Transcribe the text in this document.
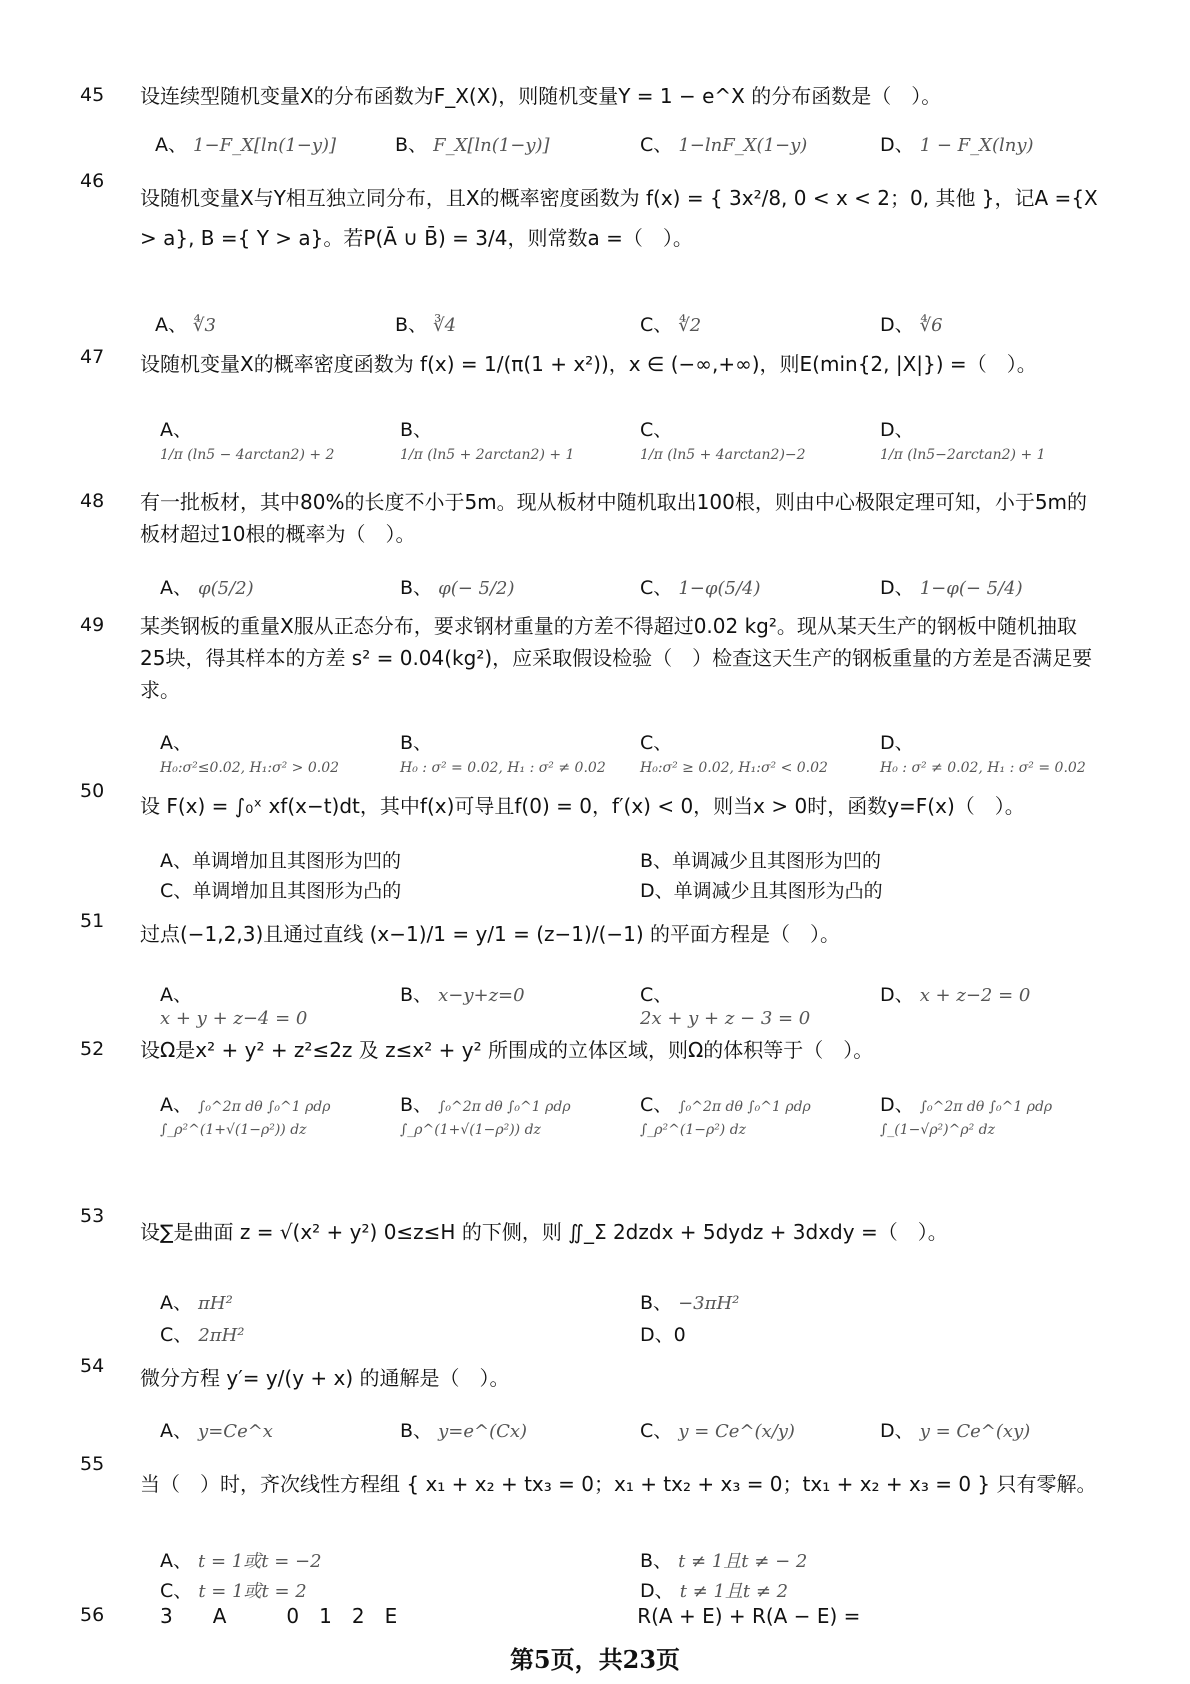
45 设连续型随机变量X的分布函数为F_X(X)，则随机变量Y = 1 − e^X 的分布函数是（　）。
A、 1−F_X[ln(1−y)]	B、 F_X[ln(1−y)]	C、 1−lnF_X(1−y)	D、 1 − F_X(lny)
46
设随机变量X与Y相互独立同分布，且X的概率密度函数为 f(x) = { 3x²/8, 0 < x < 2；0, 其他 }，记A ={X > a}, B ={ Y > a}。若P(Ā ∪ B̄) = 3/4，则常数a =（　）。
A、 ∜3	B、 ∛4	C、 ∜2	D、 ∜6
47 设随机变量X的概率密度函数为 f(x) = 1/(π(1 + x²))，x ∈ (−∞,+∞)，则E(min{2, |X|}) =（　）。
A、
1/π (ln5 − 4arctan2) + 2
B、
1/π (ln5 + 2arctan2) + 1
C、
1/π (ln5 + 4arctan2)−2
D、
1/π (ln5−2arctan2) + 1
48 有一批板材，其中80%的长度不小于5m。现从板材中随机取出100根，则由中心极限定理可知，小于5m的板材超过10根的概率为（　）。
A、 φ(5/2)	B、 φ(− 5/2)	C、 1−φ(5/4)	D、 1−φ(− 5/4)
49 某类钢板的重量X服从正态分布，要求钢材重量的方差不得超过0.02 kg²。现从某天生产的钢板中随机抽取25块，得其样本的方差 s² = 0.04(kg²)，应采取假设检验（　）检查这天生产的钢板重量的方差是否满足要求。
A、
H₀:σ²≤0.02, H₁:σ² > 0.02
B、
H₀ : σ² = 0.02, H₁ : σ² ≠ 0.02
C、
H₀:σ² ≥ 0.02, H₁:σ² < 0.02
D、
H₀ : σ² ≠ 0.02, H₁ : σ² = 0.02
50
设 F(x) = ∫₀ˣ xf(x−t)dt，其中f(x)可导且f(0) = 0，f′(x) < 0，则当x > 0时，函数y=F(x)（　）。
A、单调增加且其图形为凹的	B、单调减少且其图形为凹的
C、单调增加且其图形为凸的	D、单调减少且其图形为凸的
51
过点(−1,2,3)且通过直线 (x−1)/1 = y/1 = (z−1)/(−1) 的平面方程是（　）。
A、
x + y + z−4 = 0
B、 x−y+z=0	C、
2x + y + z − 3 = 0
D、 x + z−2 = 0
52 设Ω是x² + y² + z²≤2z 及 z≤x² + y² 所围成的立体区域，则Ω的体积等于（　）。
A、 ∫₀^2π dθ ∫₀^1 ρdρ ∫_ρ²^(1+√(1−ρ²)) dz
B、 ∫₀^2π dθ ∫₀^1 ρdρ ∫_ρ^(1+√(1−ρ²)) dz
C、 ∫₀^2π dθ ∫₀^1 ρdρ ∫_ρ²^(1−ρ²) dz
D、 ∫₀^2π dθ ∫₀^1 ρdρ ∫_(1−√ρ²)^ρ² dz
53
设∑是曲面 z = √(x² + y²) 0≤z≤H 的下侧，则 ∬_Σ 2dzdx + 5dydz + 3dxdy =（　）。
A、 πH²	B、 −3πH²
C、 2πH²	D、0
54 微分方程 y′= y/(y + x) 的通解是（　）。
A、 y=Ce^x	B、 y=e^(Cx)	C、 y = Ce^(x/y)	D、 y = Ce^(xy)
55
当（　）时，齐次线性方程组 { x₁ + x₂ + tx₃ = 0；x₁ + tx₂ + x₃ = 0；tx₁ + x₂ + x₃ = 0 } 只有零解。
A、 t = 1或t = −2	B、 t ≠ 1且t ≠ − 2
C、 t = 1或t = 2	D、 t ≠ 1且t ≠ 2
56	3　　A　　　0　1　2　E　　　　　　　　　　　　R(A + E) + R(A − E) =
第5页，共23页
